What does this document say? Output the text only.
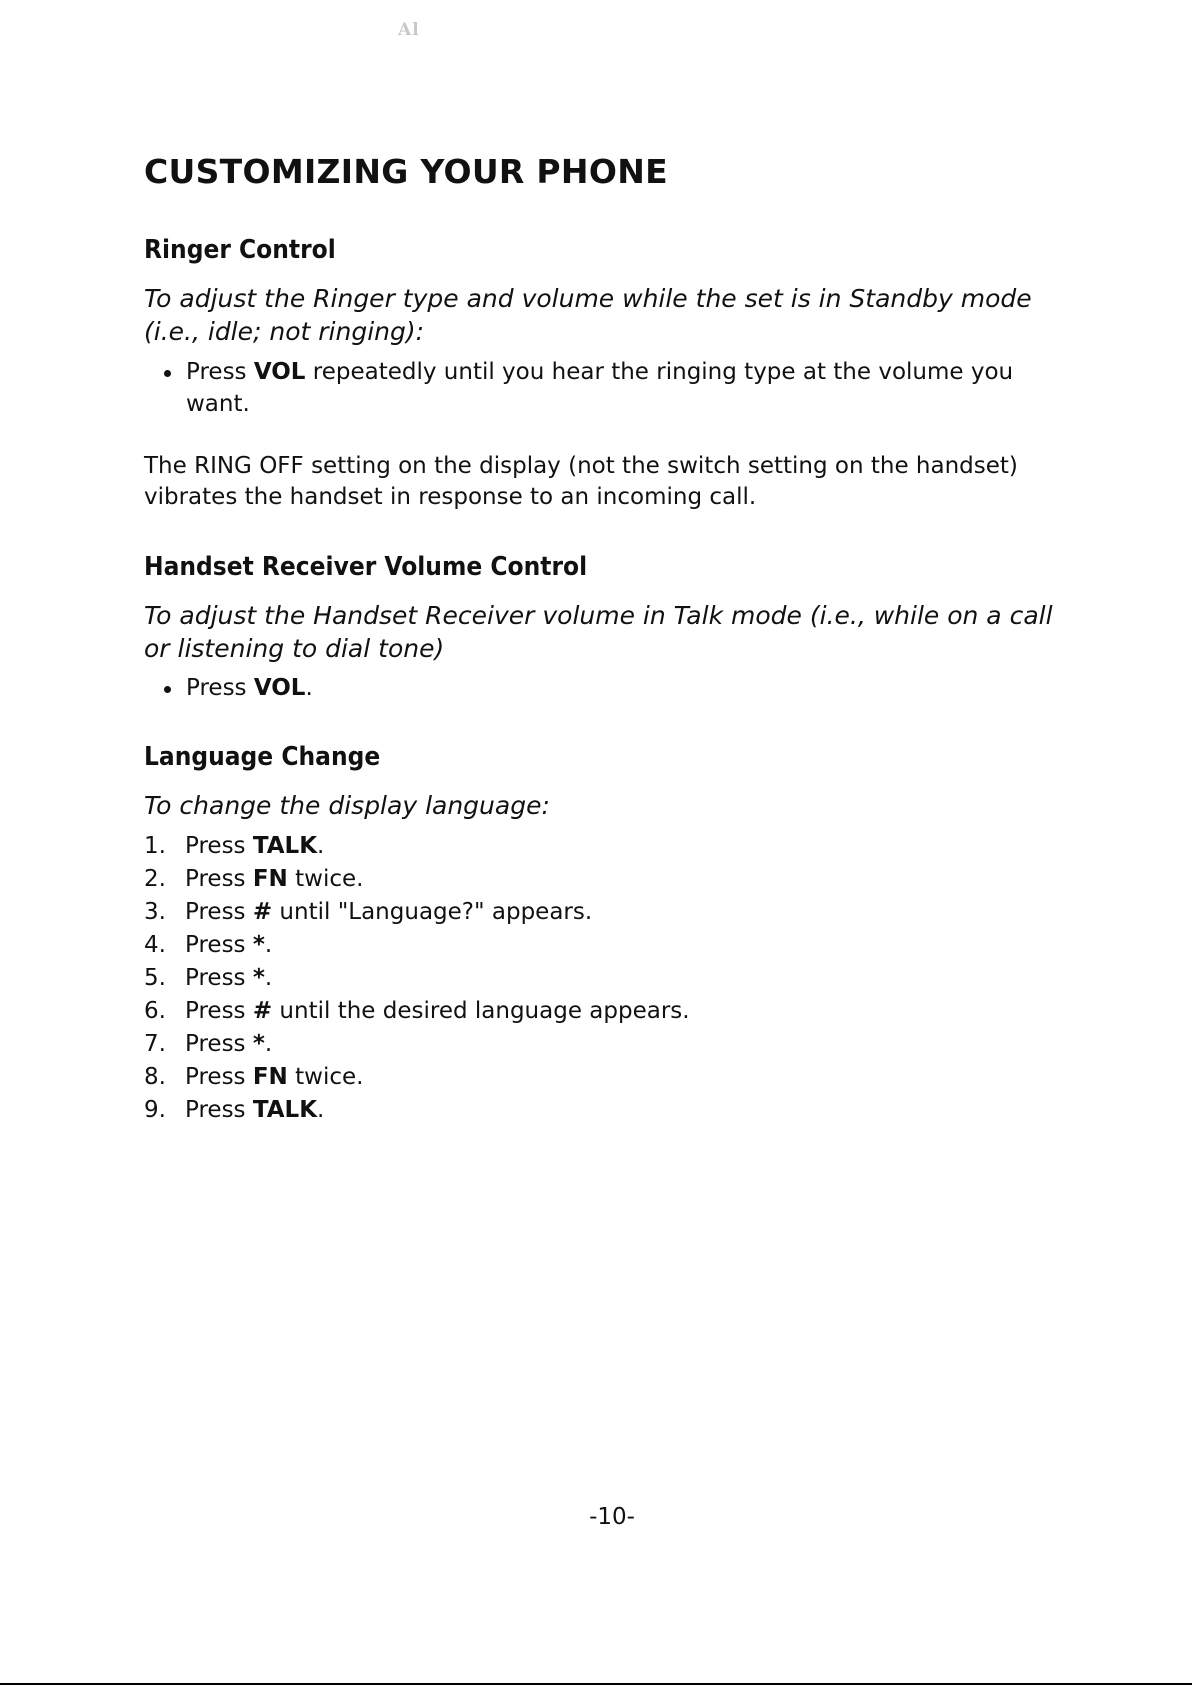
Al
CUSTOMIZING YOUR PHONE
Ringer Control

To adjust the Ringer type and volume while the set is in Standby mode (i.e., idle; not ringing):

Press VOL repeatedly until you hear the ringing type at the volume you want.

The RING OFF setting on the display (not the switch setting on the handset) vibrates the handset in response to an incoming call.

Handset Receiver Volume Control

To adjust the Handset Receiver volume in Talk mode (i.e., while on a call or listening to dial tone)

Press VOL.
Language Change

To change the display language:

1. Press TALK.
2. Press FN twice.
3. Press # until "Language?" appears.
4. Press *.
5. Press *.
6. Press # until the desired language appears.
7. Press *.
8. Press FN twice.
9. Press TALK.
-10-
